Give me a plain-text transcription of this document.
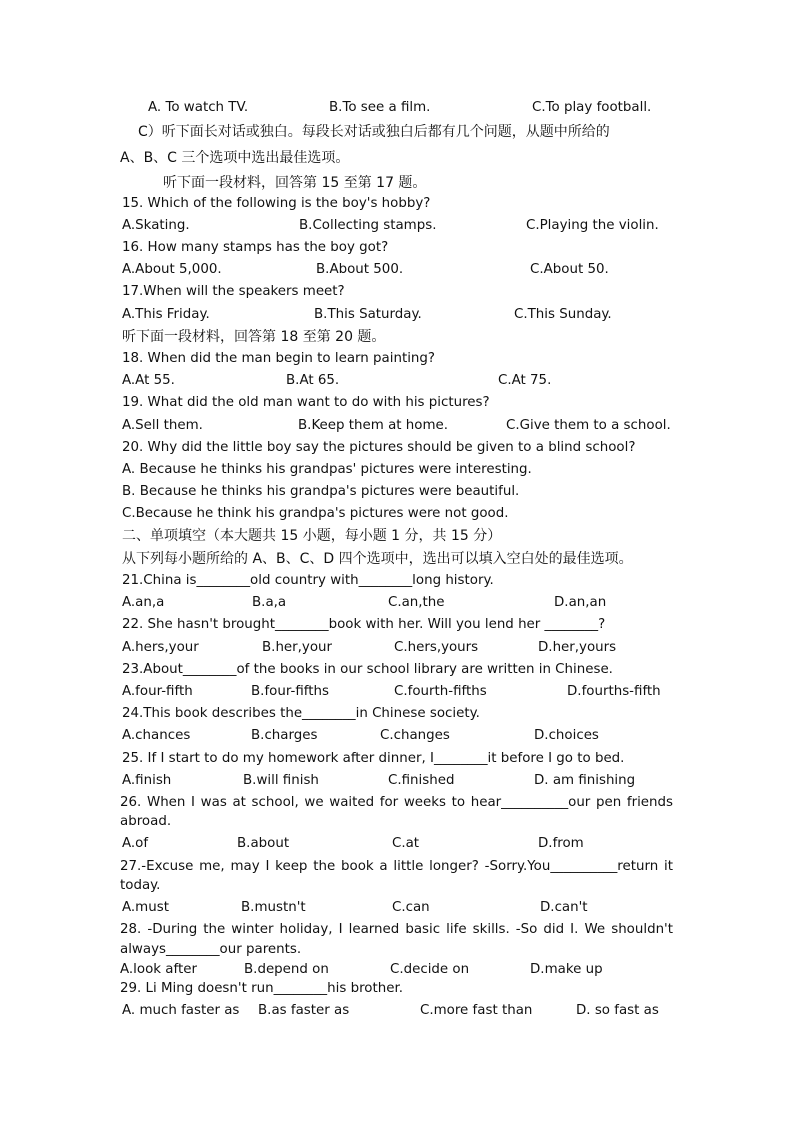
A. To watch TV.	B.To see a film.	C.To play football.
C）听下面长对话或独白。每段长对话或独白后都有几个问题，从题中所给的
A、B、C 三个选项中选出最佳选项。
听下面一段材料，回答第 15 至第 17 题。
15. Which of the following is the boy's hobby?
A.Skating.	B.Collecting stamps.	C.Playing the violin.
16. How many stamps has the boy got?
A.About 5,000.	B.About 500.	C.About 50.
17.When will the speakers meet?
A.This Friday.	B.This Saturday.	C.This Sunday.
听下面一段材料，回答第 18 至第 20 题。
18. When did the man begin to learn painting?
A.At 55.	B.At 65.	C.At 75.
19. What did the old man want to do with his pictures?
A.Sell them.	B.Keep them at home.	C.Give them to a school.
20. Why did the little boy say the pictures should be given to a blind school?
A. Because he thinks his grandpas' pictures were interesting.
B. Because he thinks his grandpa's pictures were beautiful.
C.Because he think his grandpa's pictures were not good.
二、单项填空（本大题共 15 小题，每小题 1 分，共 15 分）
从下列每小题所给的 A、B、C、D 四个选项中，选出可以填入空白处的最佳选项。
21.China is________old country with________long history.
A.an,a	B.a,a	C.an,the	D.an,an
22. She hasn't brought________book with her. Will you lend her ________?
A.hers,your	B.her,your	C.hers,yours	D.her,yours
23.About________of the books in our school library are written in Chinese.
A.four-fifth	B.four-fifths	C.fourth-fifths	D.fourths-fifth
24.This book describes the________in Chinese society.
A.chances	B.charges	C.changes	D.choices
25. If I start to do my homework after dinner, I________it before I go to bed.
A.finish	B.will finish	C.finished	D. am finishing
26. When I was at school, we waited for weeks to hear__________our pen friends
abroad.
A.of	B.about	C.at	D.from
27.-Excuse me, may I keep the book a little longer? -Sorry.You__________return it
today.
A.must	B.mustn't	C.can	D.can't
28. -During the winter holiday, I learned basic life skills. -So did I. We shouldn't
always________our parents.
A.look after	B.depend on	C.decide on	D.make up
29. Li Ming doesn't run________his brother.
A. much faster as B.as faster as	C.more fast than	D. so fast as
